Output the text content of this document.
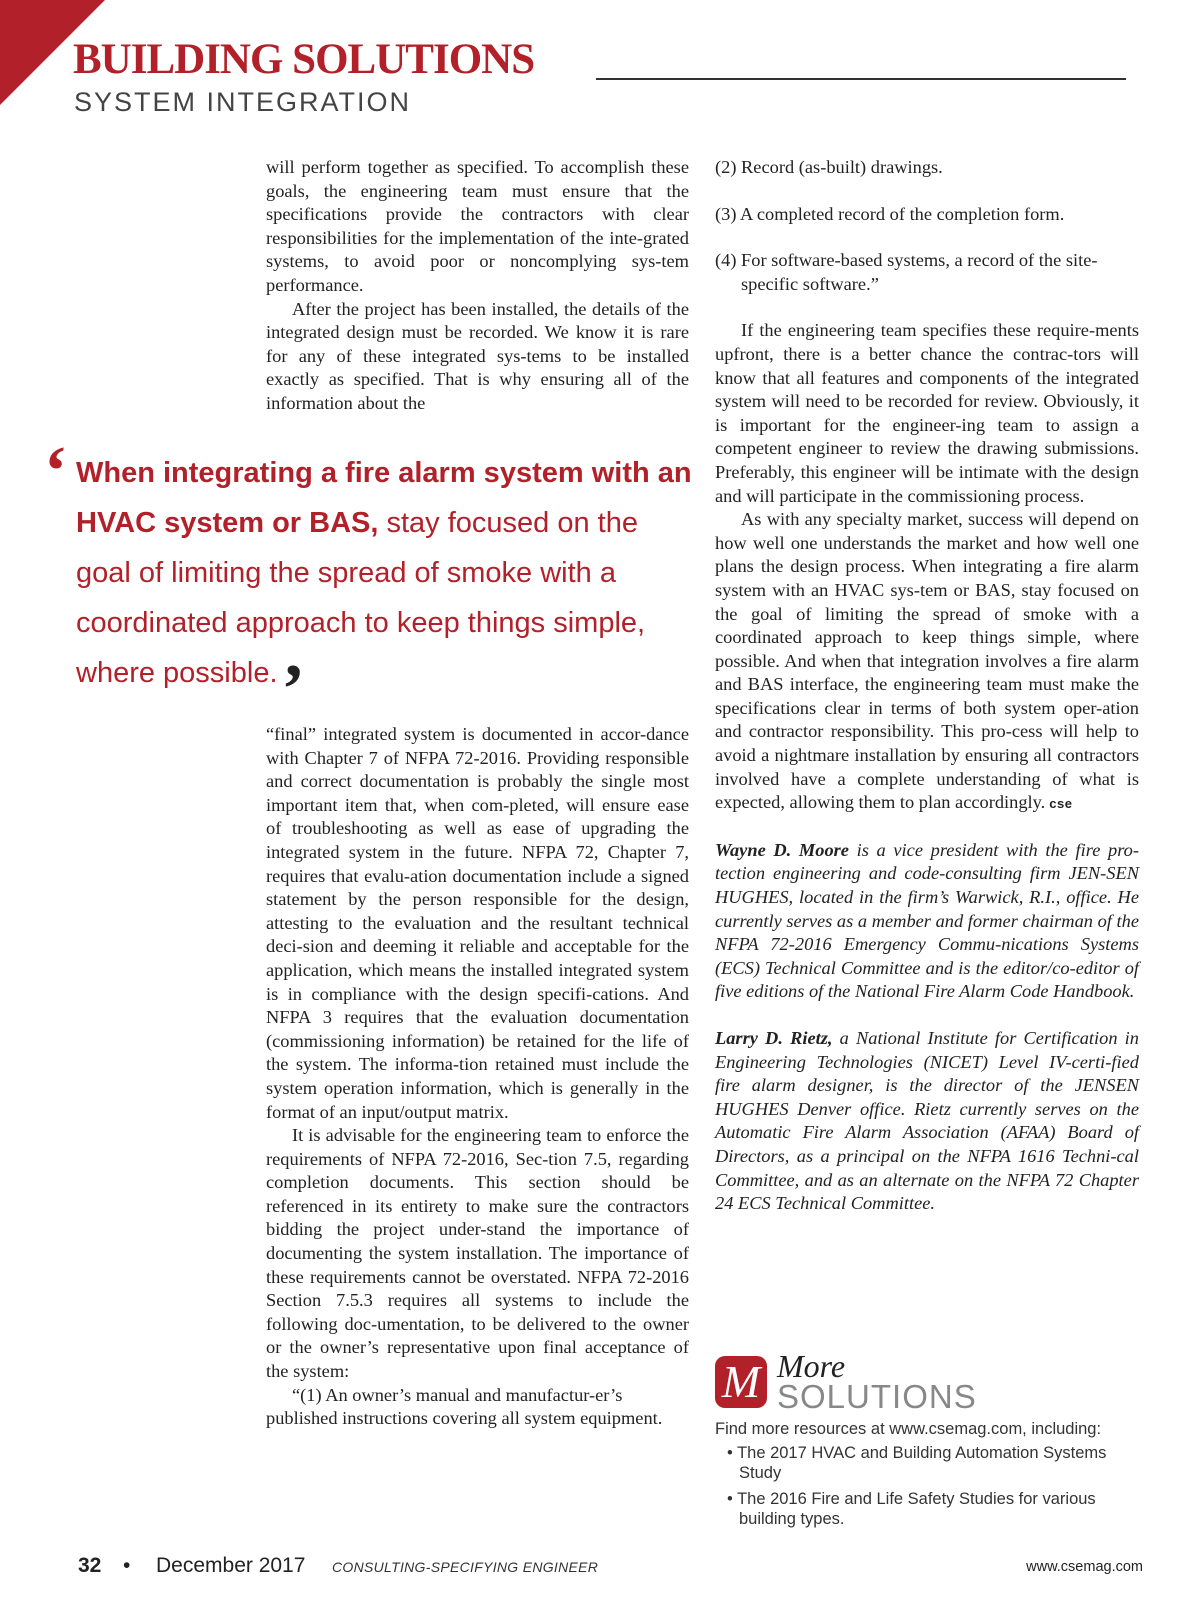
BUILDING SOLUTIONS
SYSTEM INTEGRATION

will perform together as specified. To accomplish these goals, the engineering team must ensure that the specifications provide the contractors with clear responsibilities for the implementation of the inte-grated systems, to avoid poor or noncomplying sys-tem performance.

After the project has been installed, the details of the integrated design must be recorded. We know it is rare for any of these integrated sys-tems to be installed exactly as specified. That is why ensuring all of the information about the

‘ When integrating a fire alarm system with an HVAC system or BAS, stay focused on the goal of limiting the spread of smoke with a coordinated approach to keep things simple, where possible.’

“final” integrated system is documented in accor-dance with Chapter 7 of NFPA 72-2016. Providing responsible and correct documentation is probably the single most important item that, when com-pleted, will ensure ease of troubleshooting as well as ease of upgrading the integrated system in the future. NFPA 72, Chapter 7, requires that evalu-ation documentation include a signed statement by the person responsible for the design, attesting to the evaluation and the resultant technical deci-sion and deeming it reliable and acceptable for the application, which means the installed integrated system is in compliance with the design specifi-cations. And NFPA 3 requires that the evaluation documentation (commissioning information) be retained for the life of the system. The informa-tion retained must include the system operation information, which is generally in the format of an input/output matrix.

It is advisable for the engineering team to enforce the requirements of NFPA 72-2016, Sec-tion 7.5, regarding completion documents. This section should be referenced in its entirety to make sure the contractors bidding the project under-stand the importance of documenting the system installation. The importance of these requirements cannot be overstated. NFPA 72-2016 Section 7.5.3 requires all systems to include the following doc-umentation, to be delivered to the owner or the owner’s representative upon final acceptance of the system:

“(1) An owner’s manual and manufactur-er’s published instructions covering all system equipment.

(2) Record (as-built) drawings.

(3) A completed record of the completion form.

(4) For software-based systems, a record of the site-specific software.”

If the engineering team specifies these require-ments upfront, there is a better chance the contrac-tors will know that all features and components of the integrated system will need to be recorded for review. Obviously, it is important for the engineer-ing team to assign a competent engineer to review the drawing submissions. Preferably, this engineer will be intimate with the design and will participate in the commissioning process.

As with any specialty market, success will depend on how well one understands the market and how well one plans the design process. When integrating a fire alarm system with an HVAC sys-tem or BAS, stay focused on the goal of limiting the spread of smoke with a coordinated approach to keep things simple, where possible. And when that integration involves a fire alarm and BAS interface, the engineering team must make the specifications clear in terms of both system oper-ation and contractor responsibility. This pro-cess will help to avoid a nightmare installation by ensuring all contractors involved have a complete understanding of what is expected, allowing them to plan accordingly. cse

Wayne D. Moore is a vice president with the fire pro-tection engineering and code-consulting firm JEN-SEN HUGHES, located in the firm’s Warwick, R.I., office. He currently serves as a member and former chairman of the NFPA 72-2016 Emergency Commu-nications Systems (ECS) Technical Committee and is the editor/co-editor of five editions of the National Fire Alarm Code Handbook.

Larry D. Rietz, a National Institute for Certification in Engineering Technologies (NICET) Level IV-certi-fied fire alarm designer, is the director of the JENSEN HUGHES Denver office. Rietz currently serves on the Automatic Fire Alarm Association (AFAA) Board of Directors, as a principal on the NFPA 1616 Techni-cal Committee, and as an alternate on the NFPA 72 Chapter 24 ECS Technical Committee.

M More
SOLUTIONS
Find more resources at www.csemag.com, including:
• The 2017 HVAC and Building Automation Systems Study
• The 2016 Fire and Life Safety Studies for various building types.
32 • December 2017 CONSULTING-SPECIFYING ENGINEER	www.csemag.com
